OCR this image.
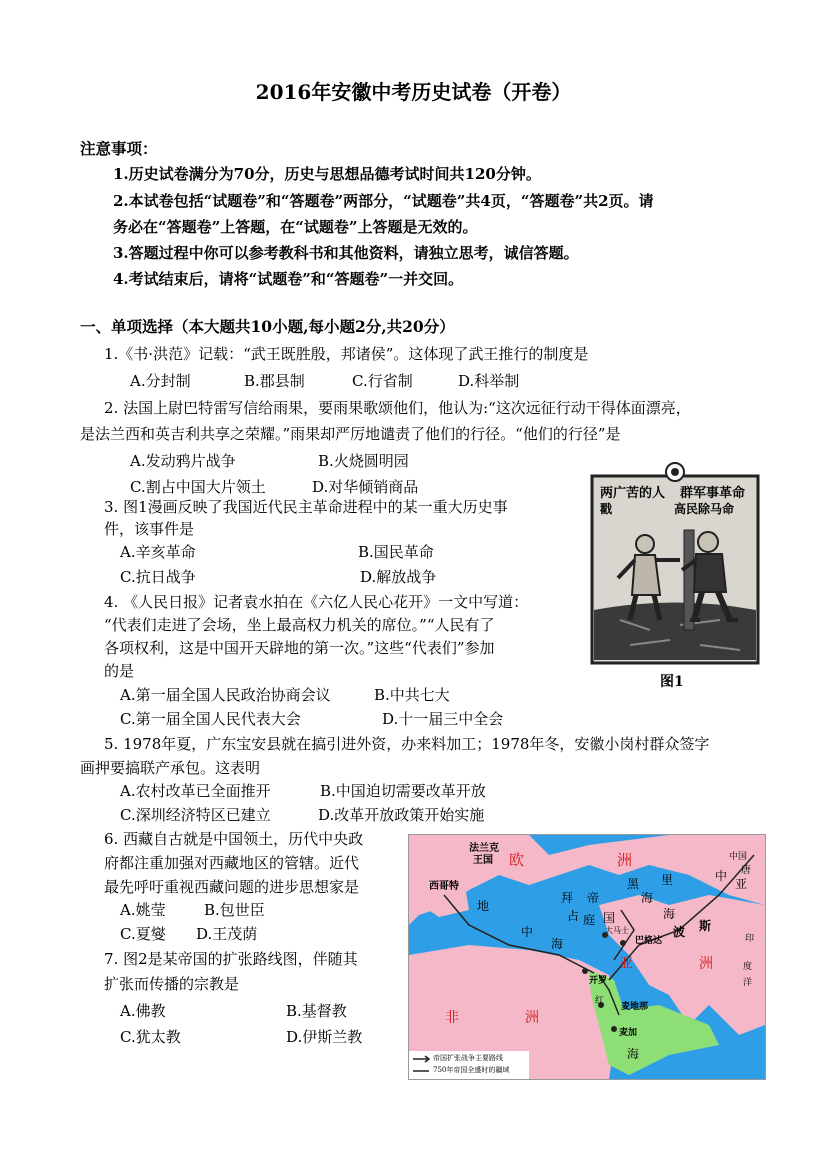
2016年安徽中考历史试卷（开卷）
注意事项：
1.历史试卷满分为70分，历史与思想品德考试时间共120分钟。
2.本试卷包括“试题卷”和“答题卷”两部分，“试题卷”共4页，“答题卷”共2页。请
务必在“答题卷”上答题，在“试题卷”上答题是无效的。
3.答题过程中你可以参考教科书和其他资料，请独立思考，诚信答题。
4.考试结束后，请将“试题卷”和“答题卷”一并交回。
一、单项选择（本大题共10小题,每小题2分,共20分）
1.《书·洪范》记载：“武王既胜殷，邦诸侯”。这体现了武王推行的制度是
A.分封制	B.郡县制	C.行省制	D.科举制
2. 法国上尉巴特雷写信给雨果，要雨果歌颂他们，他认为:“这次远征行动干得体面漂亮，
是法兰西和英吉利共享之荣耀。”雨果却严厉地谴责了他们的行径。“他们的行径”是
A.发动鸦片战争	B.火烧圆明园
C.割占中国大片领土	D.对华倾销商品
3. 图1漫画反映了我国近代民主革命进程中的某一重大历史事
件，该事件是
A.辛亥革命	B.国民革命
C.抗日战争	D.解放战争
4. 《人民日报》记者袁水拍在《六亿人民心花开》一文中写道：
“代表们走进了会场，坐上最高权力机关的席位。”“人民有了
各项权利，这是中国开天辟地的第一次。”这些“代表们”参加
的是
A.第一届全国人民政治协商会议	B.中共七大
C.第一届全国人民代表大会	D.十一届三中全会
5. 1978年夏，广东宝安县就在搞引进外资，办来料加工；1978年冬，安徽小岗村群众签字
画押要搞联产承包。这表明
A.农村改革已全面推开	B.中国迫切需要改革开放
C.深圳经济特区已建立	D.改革开放政策开始实施
6. 西藏自古就是中国领土，历代中央政
府都注重加强对西藏地区的管辖。近代
最先呼吁重视西藏问题的进步思想家是
A.姚莹	B.包世臣
C.夏燮 D.王茂荫
7. 图2是某帝国的扩张路线图，伴随其
扩张而传播的宗教是
A.佛教	B.基督教
C.犹太教	D.伊斯兰教
两广苦的人 群军事革命
戳	高民除马命
图1
法兰克
王国 欧	洲	中国
唐
中
亚
西哥特
拜
占 庭
帝
国
波 斯
巴格达
大马士
开罗
麦地那
麦加
亚	洲
非	洲
印
度
洋
地
中
海
黑
海
里
海
红
海
帝国扩张战争主要路线
750年帝国全盛时的疆域
